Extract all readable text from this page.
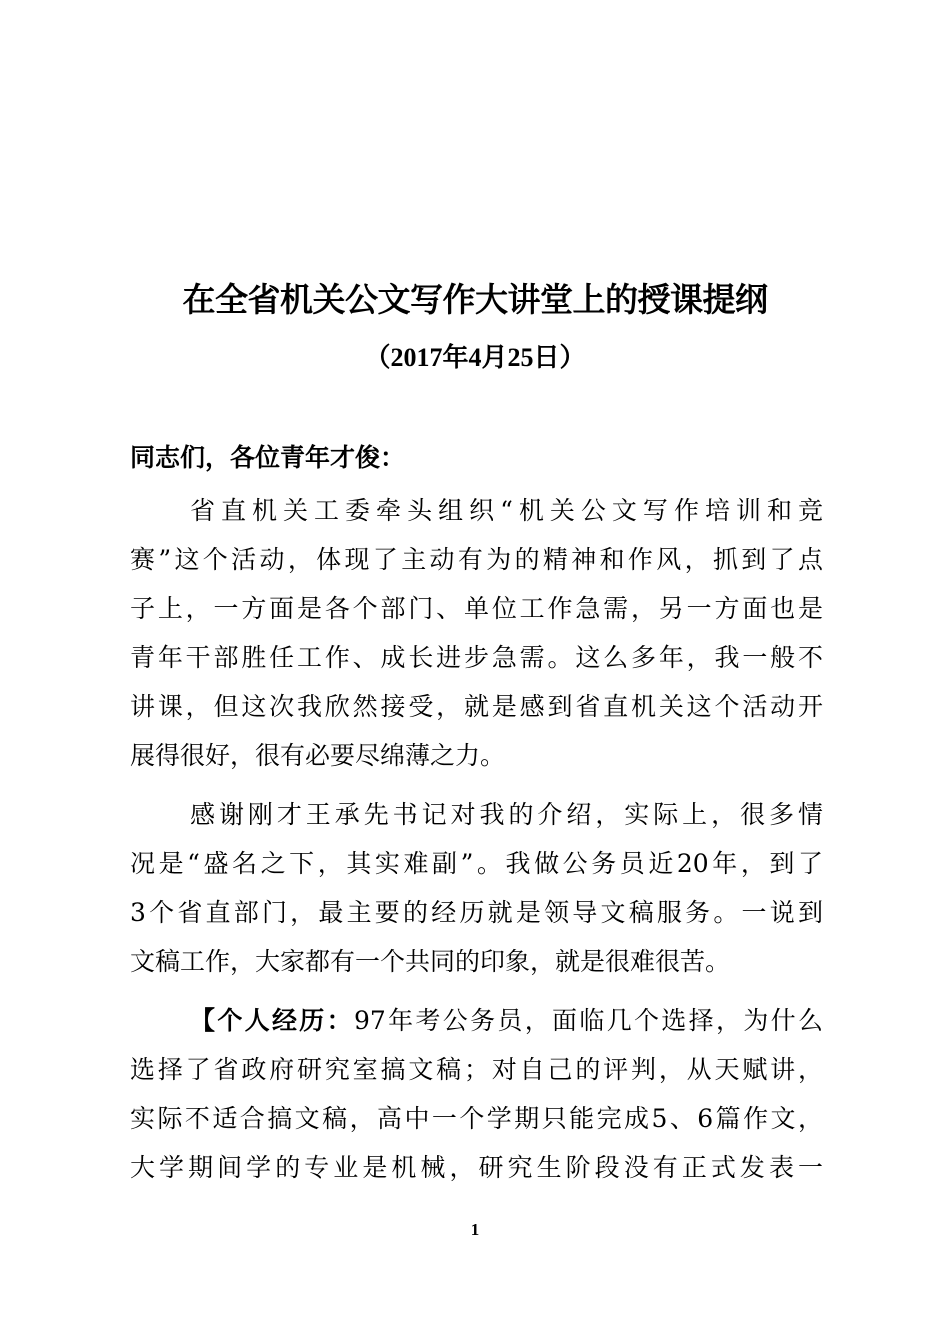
在全省机关公文写作大讲堂上的授课提纲
（2017年4月25日）
同志们，各位青年才俊：
省直机关工委牵头组织“机关公文写作培训和竞
赛”这个活动，体现了主动有为的精神和作风，抓到了点
子上，一方面是各个部门、单位工作急需，另一方面也是
青年干部胜任工作、成长进步急需。这么多年，我一般不
讲课，但这次我欣然接受，就是感到省直机关这个活动开
展得很好，很有必要尽绵薄之力。
感谢刚才王承先书记对我的介绍，实际上，很多情
况是“盛名之下，其实难副”。我做公务员近20年，到了
3个省直部门，最主要的经历就是领导文稿服务。一说到
文稿工作，大家都有一个共同的印象，就是很难很苦。
【个人经历：97年考公务员，面临几个选择，为什么
选择了省政府研究室搞文稿；对自己的评判，从天赋讲，
实际不适合搞文稿，高中一个学期只能完成5、6篇作文，
大学期间学的专业是机械，研究生阶段没有正式发表一
1
